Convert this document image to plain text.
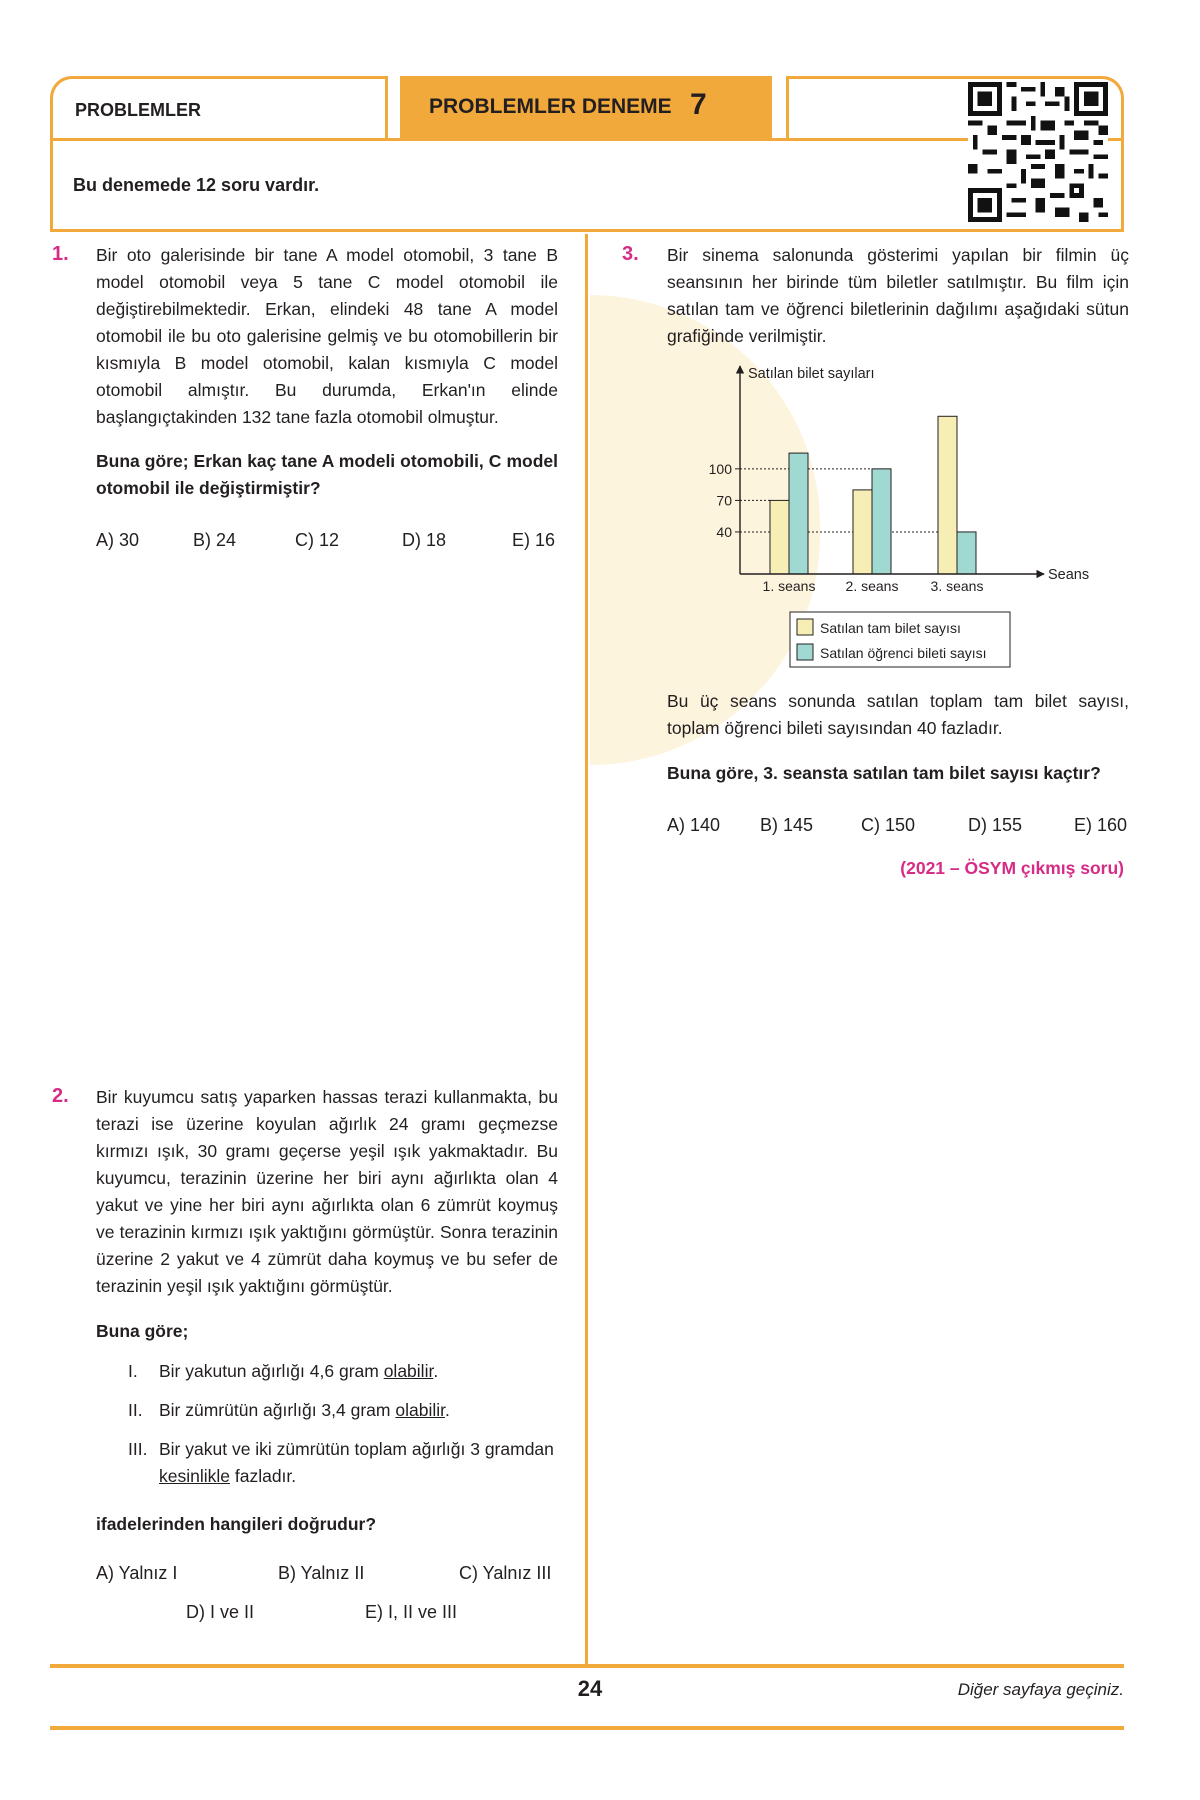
PROBLEMLER	PROBLEMLER DENEME 7
Bu denemede 12 soru vardır.
1. Bir oto galerisinde bir tane A model otomobil, 3 tane B model otomobil veya 5 tane C model otomobil ile değiştirebilmektedir. Erkan, elindeki 48 tane A model otomobil ile bu oto galerisine gelmiş ve bu otomobillerin bir kısmıyla B model otomobil, kalan kısmıyla C model otomobil almıştır. Bu durumda, Erkan'ın elinde başlangıçtakinden 132 tane fazla otomobil olmuştur.
Buna göre; Erkan kaç tane A modeli otomobili, C model otomobil ile değiştirmiştir?
A) 30	B) 24	C) 12	D) 18	E) 16
2. Bir kuyumcu satış yaparken hassas terazi kullanmakta, bu terazi ise üzerine koyulan ağırlık 24 gramı geçmezse kırmızı ışık, 30 gramı geçerse yeşil ışık yakmaktadır. Bu kuyumcu, terazinin üzerine her biri aynı ağırlıkta olan 4 yakut ve yine her biri aynı ağırlıkta olan 6 zümrüt koymuş ve terazinin kırmızı ışık yaktığını görmüştür. Sonra terazinin üzerine 2 yakut ve 4 zümrüt daha koymuş ve bu sefer de terazinin yeşil ışık yaktığını görmüştür.
Buna göre;
I.	Bir yakutun ağırlığı 4,6 gram olabilir.
II. Bir zümrütün ağırlığı 3,4 gram olabilir.
III. Bir yakut ve iki zümrütün toplam ağırlığı 3 gramdan kesinlikle fazladır.
ifadelerinden hangileri doğrudur?
A) Yalnız I	B) Yalnız II	C) Yalnız III
D) I ve II	E) I, II ve III
3. Bir sinema salonunda gösterimi yapılan bir filmin üç seansının her birinde tüm biletler satılmıştır. Bu film için satılan tam ve öğrenci biletlerinin dağılımı aşağıdaki sütun grafiğinde verilmiştir.
Satılan bilet sayıları
Seans
40
70
100
1. seans 2. seans 3. seans
Satılan tam bilet sayısı
Satılan öğrenci bileti sayısı
Bu üç seans sonunda satılan toplam tam bilet sayısı, toplam öğrenci bileti sayısından 40 fazladır.
Buna göre, 3. seansta satılan tam bilet sayısı kaçtır?
A) 140 B) 145	C) 150	D) 155	E) 160
(2021 – ÖSYM çıkmış soru)
24	Diğer sayfaya geçiniz.
